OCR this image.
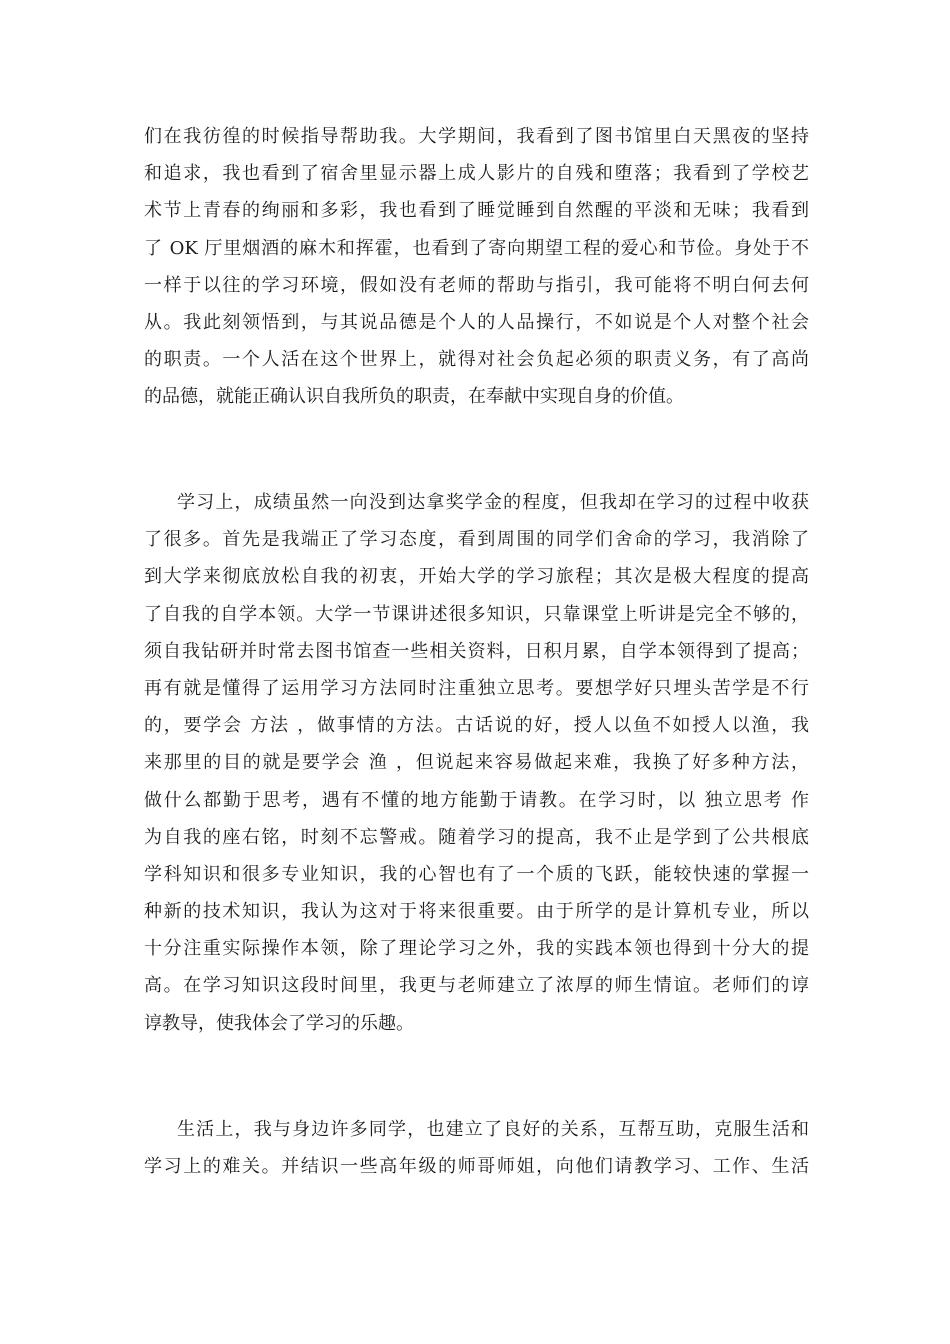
们在我彷徨的时候指导帮助我。大学期间，我看到了图书馆里白天黑夜的坚持
和追求，我也看到了宿舍里显示器上成人影片的自残和堕落；我看到了学校艺
术节上青春的绚丽和多彩，我也看到了睡觉睡到自然醒的平淡和无味；我看到
了 OK 厅里烟酒的麻木和挥霍，也看到了寄向期望工程的爱心和节俭。身处于不
一样于以往的学习环境，假如没有老师的帮助与指引，我可能将不明白何去何
从。我此刻领悟到，与其说品德是个人的人品操行，不如说是个人对整个社会
的职责。一个人活在这个世界上，就得对社会负起必须的职责义务，有了高尚
的品德，就能正确认识自我所负的职责，在奉献中实现自身的价值。
学习上，成绩虽然一向没到达拿奖学金的程度，但我却在学习的过程中收获
了很多。首先是我端正了学习态度，看到周围的同学们舍命的学习，我消除了
到大学来彻底放松自我的初衷，开始大学的学习旅程；其次是极大程度的提高
了自我的自学本领。大学一节课讲述很多知识，只靠课堂上听讲是完全不够的，
须自我钻研并时常去图书馆查一些相关资料，日积月累，自学本领得到了提高；
再有就是懂得了运用学习方法同时注重独立思考。要想学好只埋头苦学是不行
的，要学会 方法 ，做事情的方法。古话说的好，授人以鱼不如授人以渔，我
来那里的目的就是要学会 渔 ，但说起来容易做起来难，我换了好多种方法，
做什么都勤于思考，遇有不懂的地方能勤于请教。在学习时，以 独立思考 作
为自我的座右铭，时刻不忘警戒。随着学习的提高，我不止是学到了公共根底
学科知识和很多专业知识，我的心智也有了一个质的飞跃，能较快速的掌握一
种新的技术知识，我认为这对于将来很重要。由于所学的是计算机专业，所以
十分注重实际操作本领，除了理论学习之外，我的实践本领也得到十分大的提
高。在学习知识这段时间里，我更与老师建立了浓厚的师生情谊。老师们的谆
谆教导，使我体会了学习的乐趣。
生活上，我与身边许多同学，也建立了良好的关系，互帮互助，克服生活和
学习上的难关。并结识一些高年级的师哥师姐，向他们请教学习、工作、生活
